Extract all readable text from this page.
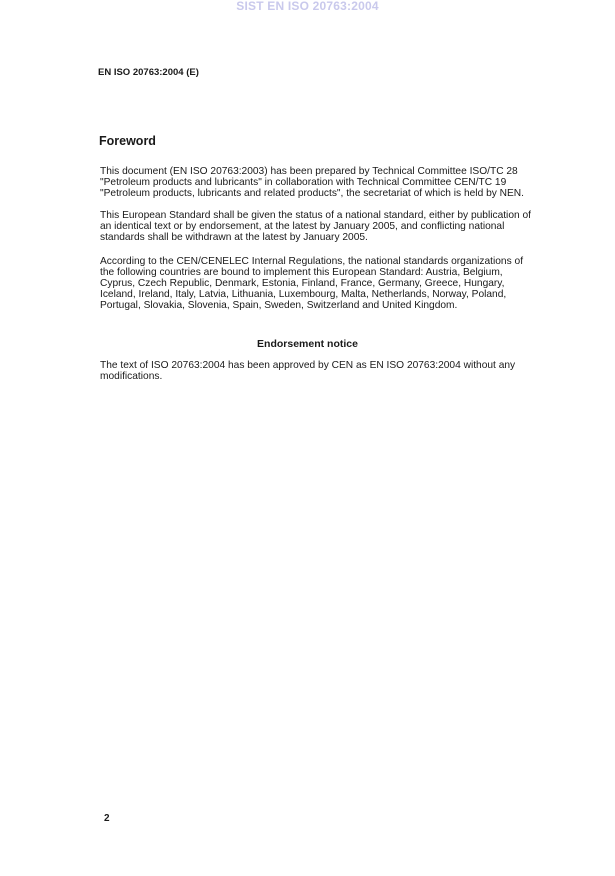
SIST EN ISO 20763:2004
EN ISO 20763:2004 (E)
Foreword
This document (EN ISO 20763:2003) has been prepared by Technical Committee ISO/TC 28
"Petroleum products and lubricants" in collaboration with Technical Committee CEN/TC 19
"Petroleum products, lubricants and related products", the secretariat of which is held by NEN.
This European Standard shall be given the status of a national standard, either by publication of
an identical text or by endorsement, at the latest by January 2005, and conflicting national
standards shall be withdrawn at the latest by January 2005.
According to the CEN/CENELEC Internal Regulations, the national standards organizations of
the following countries are bound to implement this European Standard: Austria, Belgium,
Cyprus, Czech Republic, Denmark, Estonia, Finland, France, Germany, Greece, Hungary,
Iceland, Ireland, Italy, Latvia, Lithuania, Luxembourg, Malta, Netherlands, Norway, Poland,
Portugal, Slovakia, Slovenia, Spain, Sweden, Switzerland and United Kingdom.
Endorsement notice
The text of ISO 20763:2004 has been approved by CEN as EN ISO 20763:2004 without any
modifications.
2
